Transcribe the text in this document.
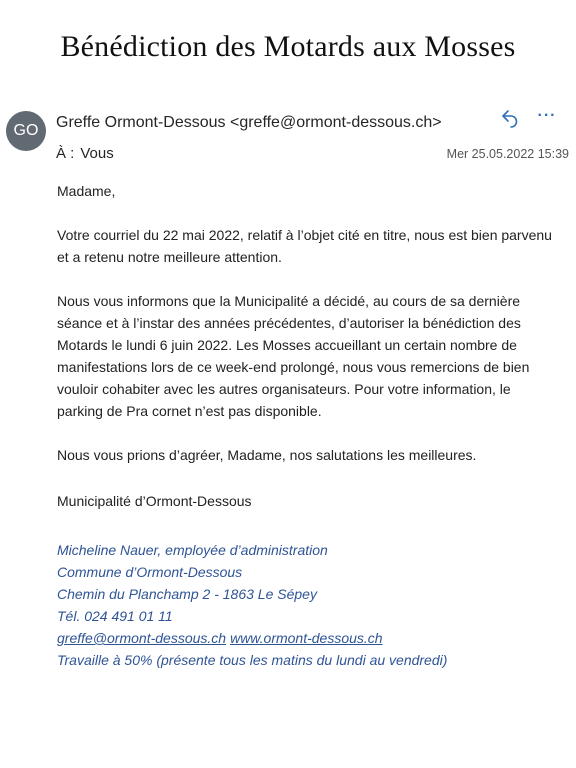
Bénédiction des Motards aux Mosses
GO	Greffe Ormont-Dessous <greffe@ormont-dessous.ch>	···
À : Vous	Mer 25.05.2022 15:39

Madame,

Votre courriel du 22 mai 2022, relatif à l’objet cité en titre, nous est bien parvenu et a retenu notre meilleure attention.

Nous vous informons que la Municipalité a décidé, au cours de sa dernière séance et à l’instar des années précédentes, d’autoriser la bénédiction des Motards le lundi 6 juin 2022. Les Mosses accueillant un certain nombre de manifestations lors de ce week-end prolongé, nous vous remercions de bien vouloir cohabiter avec les autres organisateurs. Pour votre information, le parking de Pra cornet n’est pas disponible.

Nous vous prions d’agréer, Madame, nos salutations les meilleures.

Municipalité d’Ormont-Dessous

Micheline Nauer, employée d’administration
Commune d’Ormont-Dessous
Chemin du Planchamp 2 - 1863 Le Sépey
Tél. 024 491 01 11
greffe@ormont-dessous.ch www.ormont-dessous.ch
Travaille à 50% (présente tous les matins du lundi au vendredi)
